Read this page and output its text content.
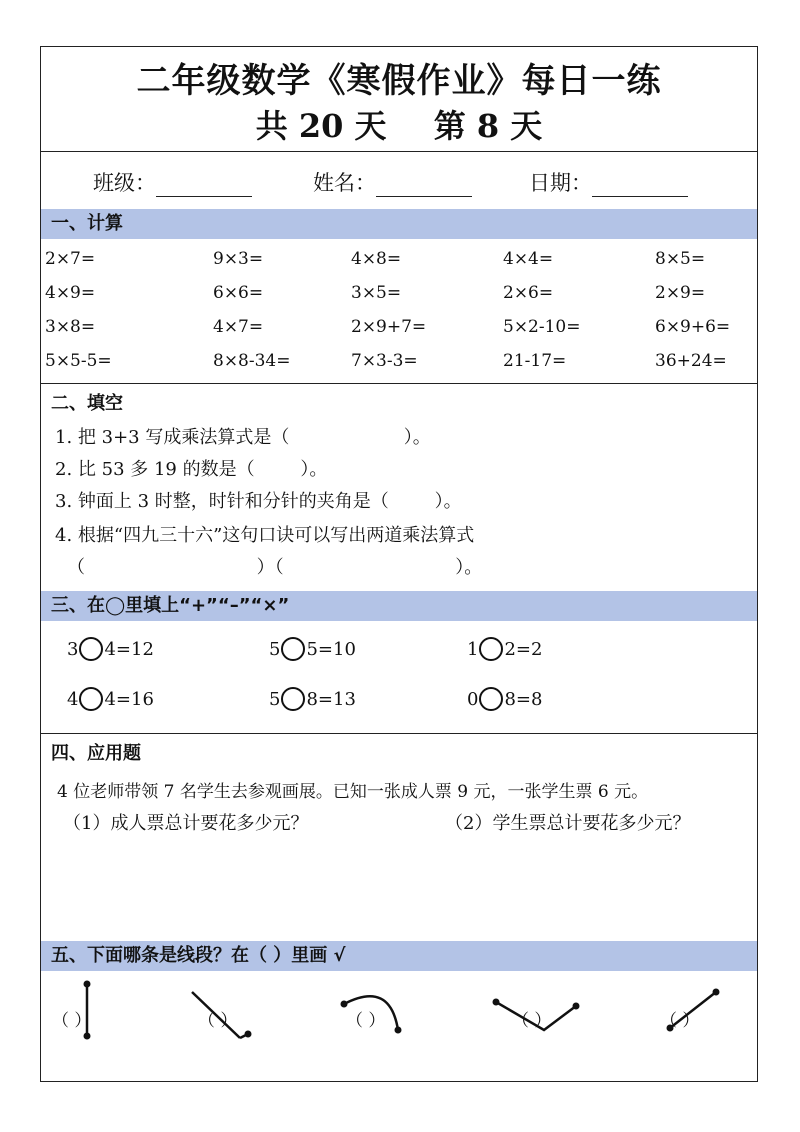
二年级数学《寒假作业》每日一练
共 20 天 第 8 天
班级：	姓名：	日期：
一、计算
2×7=	9×3=	4×8=	4×4=	8×5=
4×9=	6×6=	3×5=	2×6=	2×9=
3×8=	4×7=	2×9+7=	5×2-10=	6×9+6=
5×5-5=	8×8-34=	7×3-3=	21-17=	36+24=
二、填空
1. 把 3+3 写成乘法算式是（                    ）。
2. 比 53 多 19 的数是（        ）。
3. 钟面上 3 时整，时针和分针的夹角是（        ）。
4. 根据“四九三十六”这句口诀可以写出两道乘法算式
（                              ）（                              ）。
三、在◯里填上“+”“–”“×”
3 4=12	5 5=10	1 2=2
4 4=16	5 8=13	0 8=8
四、应用题
4 位老师带领 7 名学生去参观画展。已知一张成人票 9 元，一张学生票 6 元。
（1）成人票总计要花多少元？	（2）学生票总计要花多少元？
五、下面哪条是线段？在（ ）里画 √
（ ）	（ ）	（ ）	（ ）	（ ）
